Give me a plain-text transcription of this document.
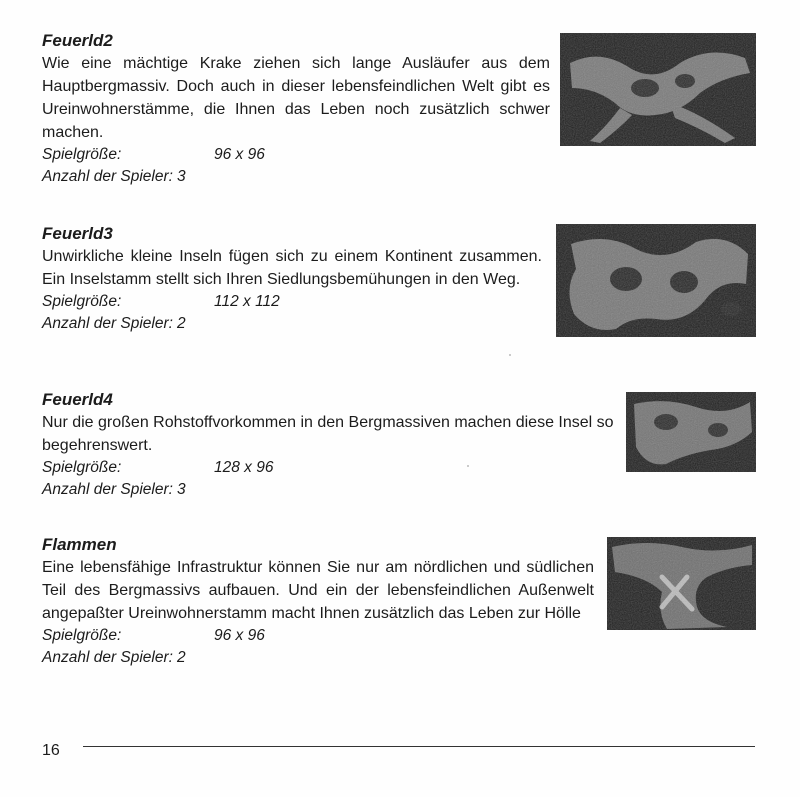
Feuerld2

Wie eine mächtige Krake ziehen sich lange Ausläufer aus dem Hauptbergmassiv. Doch auch in dieser lebensfeindlichen Welt gibt es Ureinwohnerstämme, die Ihnen das Leben noch zusätzlich schwer machen.

Spielgröße:	96 x 96
Anzahl der Spieler: 3

Feuerld3

Unwirkliche kleine Inseln fügen sich zu einem Kontinent zusammen. Ein Inselstamm stellt sich Ihren Siedlungsbemühungen in den Weg.

Spielgröße:	112 x 112
Anzahl der Spieler: 2

Feuerld4

Nur die großen Rohstoffvorkommen in den Bergmassiven machen diese Insel so begehrenswert.

Spielgröße:	128 x 96
Anzahl der Spieler: 3

Flammen

Eine lebensfähige Infrastruktur können Sie nur am nördlichen und südlichen Teil des Bergmassivs aufbauen. Und ein der lebensfeindlichen Außenwelt angepaßter Ureinwohnerstamm macht Ihnen zusätzlich das Leben zur Hölle

Spielgröße:	96 x 96
Anzahl der Spieler: 2
16
